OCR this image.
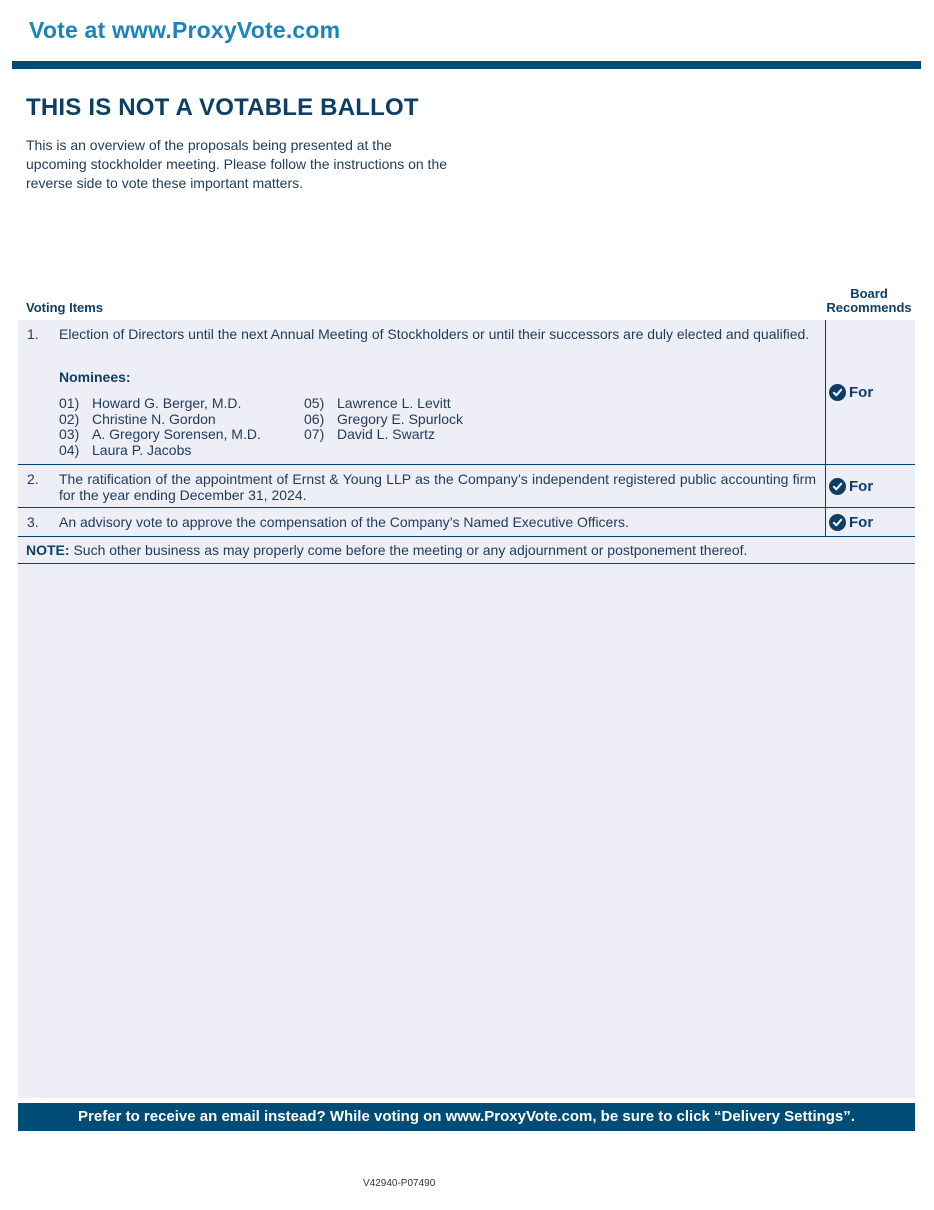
Vote at www.ProxyVote.com
THIS IS NOT A VOTABLE BALLOT
This is an overview of the proposals being presented at the upcoming stockholder meeting. Please follow the instructions on the reverse side to vote these important matters.
Voting Items
Board
Recommends
1. Election of Directors until the next Annual Meeting of Stockholders or until their successors are duly elected and qualified.
Nominees:
01) Howard G. Berger, M.D.
02) Christine N. Gordon
03) A. Gregory Sorensen, M.D.
04) Laura P. Jacobs
05) Lawrence L. Levitt
06) Gregory E. Spurlock
07) David L. Swartz
For
2. The ratification of the appointment of Ernst & Young LLP as the Company’s independent registered public accounting firm for the year ending December 31, 2024.
For
3. An advisory vote to approve the compensation of the Company’s Named Executive Officers.	For
NOTE: Such other business as may properly come before the meeting or any adjournment or postponement thereof.
Prefer to receive an email instead? While voting on www.ProxyVote.com, be sure to click “Delivery Settings”.
V42940-P07490
